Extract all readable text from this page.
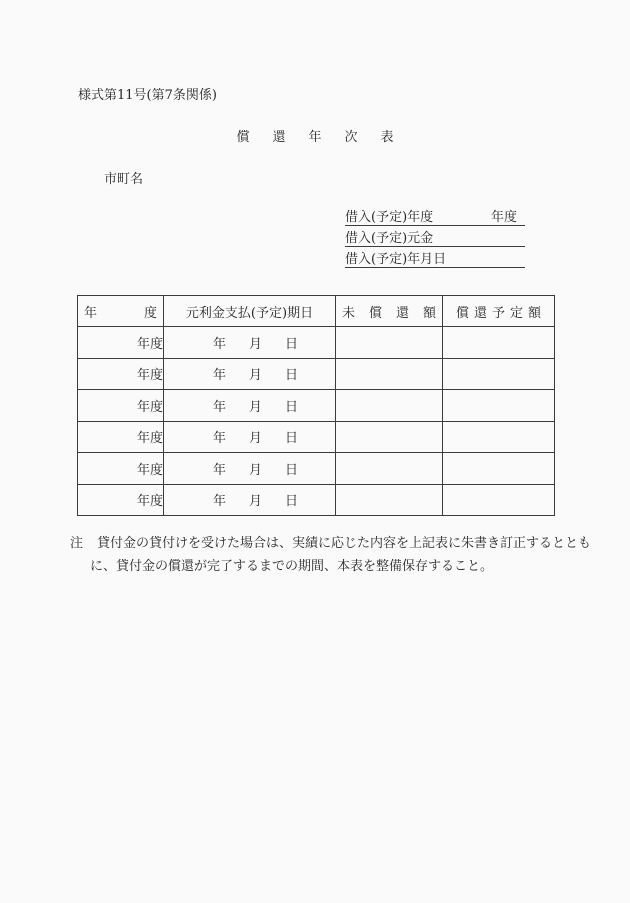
様式第11号(第7条関係)
償還年次表
市町名
借入(予定)年度	年度
借入(予定)元金
借入(予定)年月日
年 度	元利金支払(予定)期日	未 償 還 額	償還予定額
年度	年 月 日		

年度	年 月 日		

年度	年 月 日		

年度	年 月 日		

年度	年 月 日		

年度	年 月 日		

注 貸付金の貸付けを受けた場合は、実績に応じた内容を上記表に朱書き訂正するととも
に、貸付金の償還が完了するまでの期間、本表を整備保存すること。
